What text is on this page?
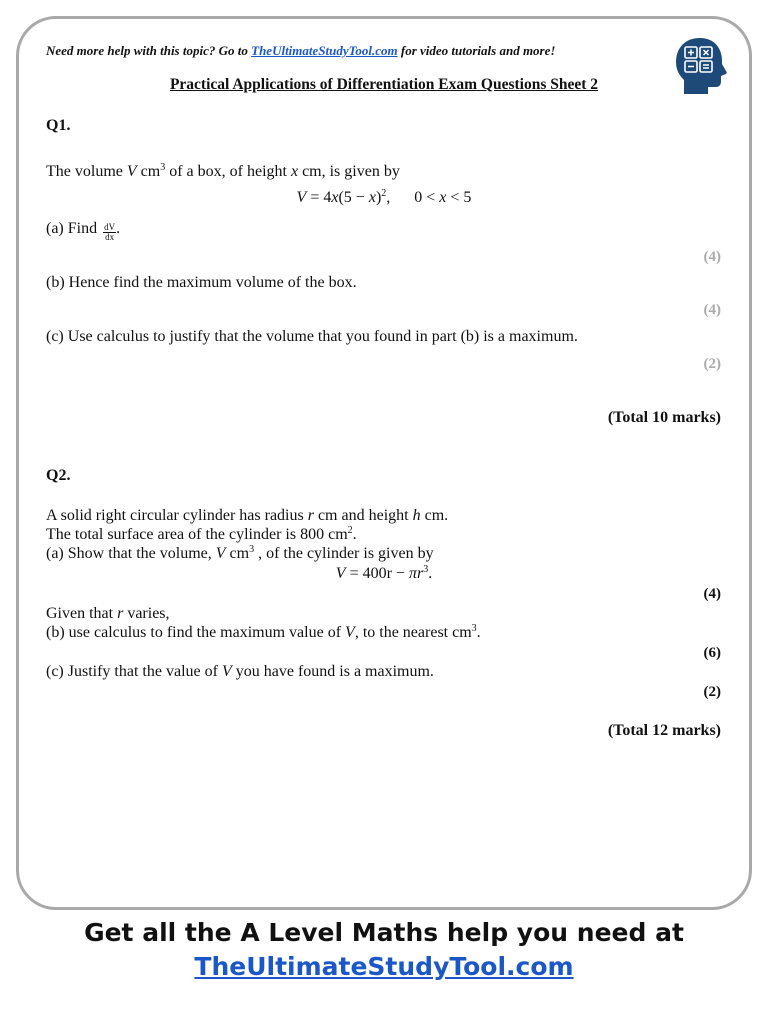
Need more help with this topic? Go to TheUltimateStudyTool.com for video tutorials and more!
Practical Applications of Differentiation Exam Questions Sheet 2
Q1.
The volume V $cm^3$ of a box, of height x cm, is given by
$V = 4x(5 - x)^2$,      0 < x < 5
(a) Find $\frac{dV}{dx}$ .
(4)
(b) Hence find the maximum volume of the box.
(4)
(c) Use calculus to justify that the volume that you found in part (b) is a maximum.
(2)
(Total 10 marks)
Q2.
A solid right circular cylinder has radius r cm and height h cm.
The total surface area of the cylinder is 800 $cm^2$.
(a) Show that the volume, V $cm^3$ , of the cylinder is given by
$V = 400r - \pi r^3$.
(4)
Given that r varies,
(b) use calculus to find the maximum value of V, to the nearest $cm^3$.
(6)
(c) Justify that the value of V you have found is a maximum.
(2)
(Total 12 marks)
Get all the A Level Maths help you need at
TheUltimateStudyTool.com
